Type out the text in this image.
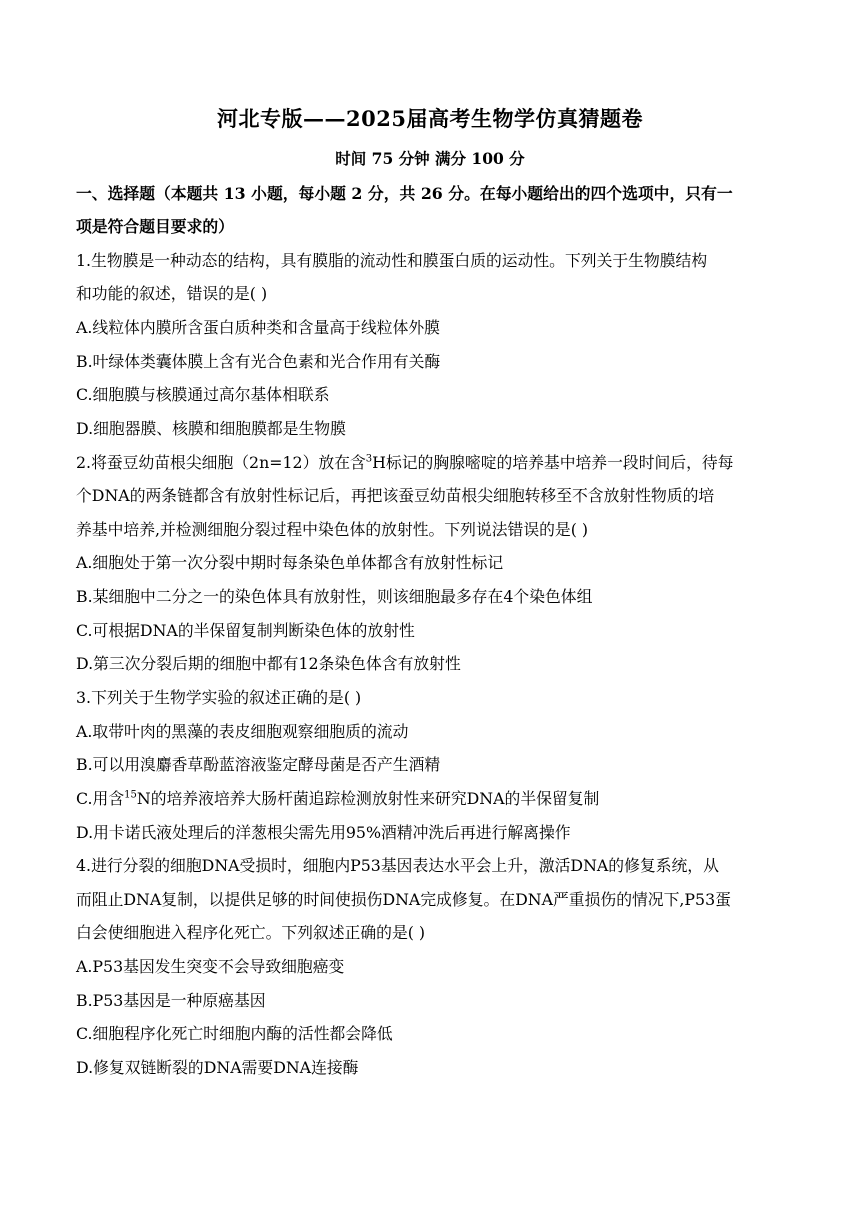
河北专版——2025届高考生物学仿真猜题卷
时间 75 分钟 满分 100 分
一、选择题（本题共 13 小题，每小题 2 分，共 26 分。在每小题给出的四个选项中，只有一
项是符合题目要求的）
1.生物膜是一种动态的结构，具有膜脂的流动性和膜蛋白质的运动性。下列关于生物膜结构
和功能的叙述，错误的是( )
A.线粒体内膜所含蛋白质种类和含量高于线粒体外膜
B.叶绿体类囊体膜上含有光合色素和光合作用有关酶
C.细胞膜与核膜通过高尔基体相联系
D.细胞器膜、核膜和细胞膜都是生物膜
2.将蚕豆幼苗根尖细胞（2n=12）放在含$^3$H标记的胸腺嘧啶的培养基中培养一段时间后，待每
个DNA的两条链都含有放射性标记后，再把该蚕豆幼苗根尖细胞转移至不含放射性物质的培
养基中培养,并检测细胞分裂过程中染色体的放射性。下列说法错误的是( )
A.细胞处于第一次分裂中期时每条染色单体都含有放射性标记
B.某细胞中二分之一的染色体具有放射性，则该细胞最多存在4个染色体组
C.可根据DNA的半保留复制判断染色体的放射性
D.第三次分裂后期的细胞中都有12条染色体含有放射性
3.下列关于生物学实验的叙述正确的是( )
A.取带叶肉的黑藻的表皮细胞观察细胞质的流动
B.可以用溴麝香草酚蓝溶液鉴定酵母菌是否产生酒精
C.用含$^{15}$N的培养液培养大肠杆菌追踪检测放射性来研究DNA的半保留复制
D.用卡诺氏液处理后的洋葱根尖需先用95%酒精冲洗后再进行解离操作
4.进行分裂的细胞DNA受损时，细胞内P53基因表达水平会上升，激活DNA的修复系统，从
而阻止DNA复制，以提供足够的时间使损伤DNA完成修复。在DNA严重损伤的情况下,P53蛋
白会使细胞进入程序化死亡。下列叙述正确的是( )
A.P53基因发生突变不会导致细胞癌变
B.P53基因是一种原癌基因
C.细胞程序化死亡时细胞内酶的活性都会降低
D.修复双链断裂的DNA需要DNA连接酶
